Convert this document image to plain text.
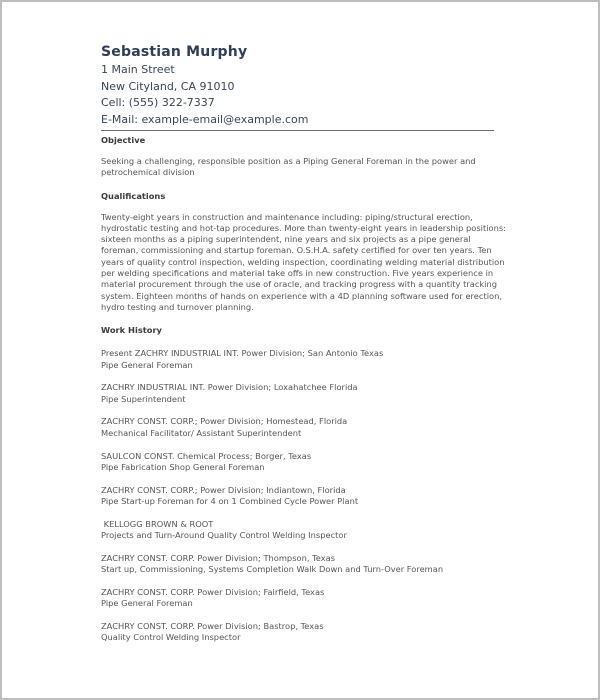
Sebastian Murphy

1 Main Street

New Cityland, CA 91010

Cell: (555) 322-7337

E-Mail: example-email@example.com

Objective

Seeking a challenging, responsible position as a Piping General Foreman in the power and petrochemical division

Qualifications

Twenty-eight years in construction and maintenance including: piping/structural erection, hydrostatic testing and hot-tap procedures. More than twenty-eight years in leadership positions: sixteen months as a piping superintendent, nine years and six projects as a pipe general foreman, commissioning and startup foreman. O.S.H.A. safety certified for over ten years. Ten years of quality control inspection, welding inspection, coordinating welding material distribution per welding specifications and material take offs in new construction. Five years experience in material procurement through the use of oracle, and tracking progress with a quantity tracking system. Eighteen months of hands on experience with a 4D planning software used for erection, hydro testing and turnover planning.

Work History

Present ZACHRY INDUSTRIAL INT. Power Division; San Antonio Texas

Pipe General Foreman

ZACHRY INDUSTRIAL INT. Power Division; Loxahatchee Florida

Pipe Superintendent

ZACHRY CONST. CORP.; Power Division; Homestead, Florida

Mechanical Facilitator/ Assistant Superintendent

SAULCON CONST. Chemical Process; Borger, Texas

Pipe Fabrication Shop General Foreman

ZACHRY CONST. CORP.; Power Division; Indiantown, Florida

Pipe Start-up Foreman for 4 on 1 Combined Cycle Power Plant

KELLOGG BROWN & ROOT

Projects and Turn-Around Quality Control Welding Inspector

ZACHRY CONST. CORP. Power Division; Thompson, Texas

Start up, Commissioning, Systems Completion Walk Down and Turn-Over Foreman

ZACHRY CONST. CORP. Power Division; Fairfield, Texas

Pipe General Foreman

ZACHRY CONST. CORP. Power Division; Bastrop, Texas

Quality Control Welding Inspector
